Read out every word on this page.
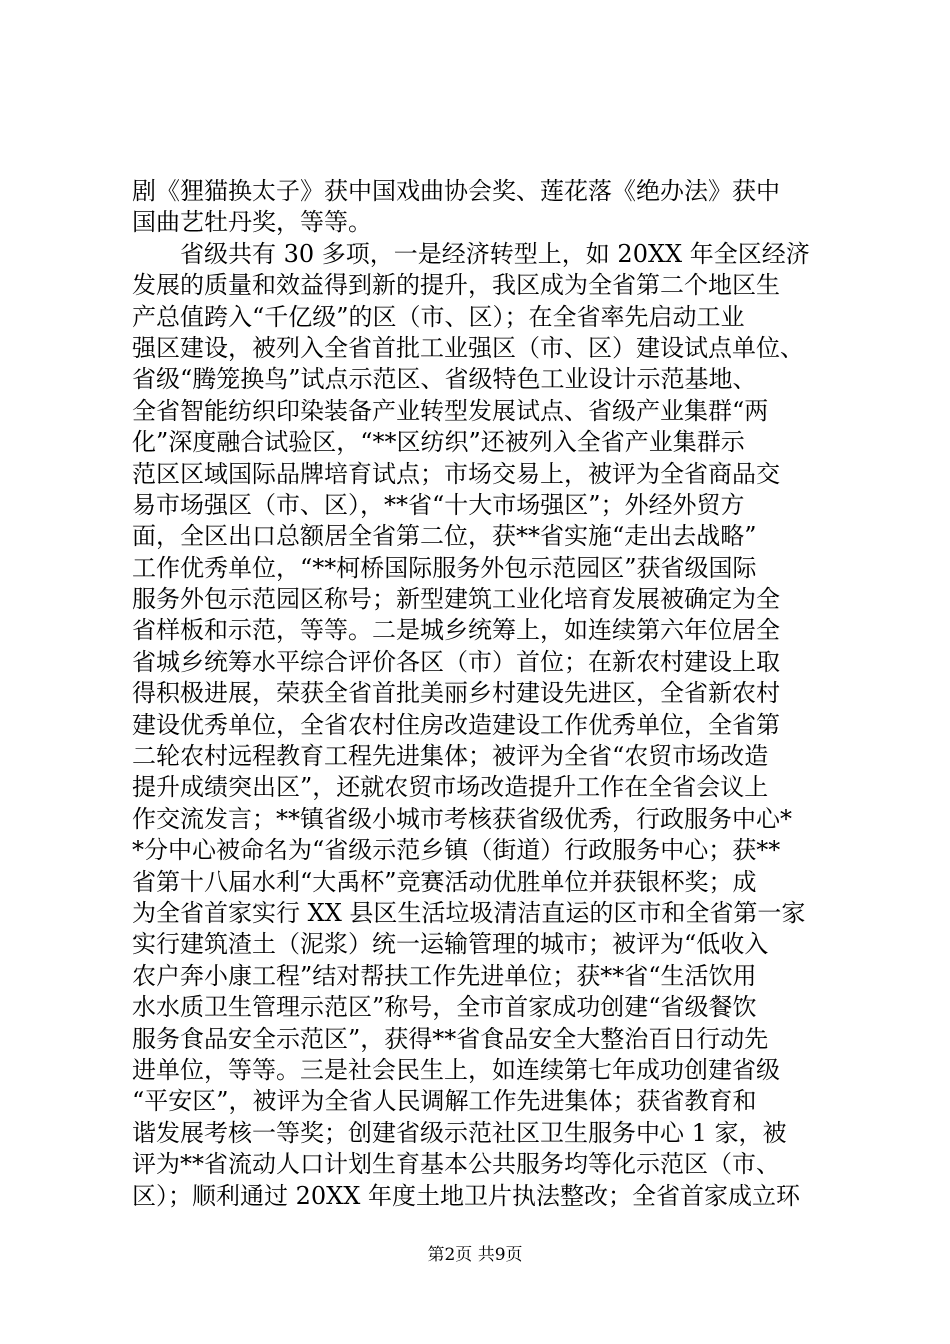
剧《狸猫换太子》获中国戏曲协会奖、莲花落《绝办法》获中
国曲艺牡丹奖，等等。
省级共有 30 多项，一是经济转型上，如 20XX 年全区经济
发展的质量和效益得到新的提升，我区成为全省第二个地区生
产总值跨入“千亿级”的区（市、区）；在全省率先启动工业
强区建设，被列入全省首批工业强区（市、区）建设试点单位、
省级“腾笼换鸟”试点示范区、省级特色工业设计示范基地、
全省智能纺织印染装备产业转型发展试点、省级产业集群“两
化”深度融合试验区，“**区纺织”还被列入全省产业集群示
范区区域国际品牌培育试点；市场交易上，被评为全省商品交
易市场强区（市、区），**省“十大市场强区”；外经外贸方
面，全区出口总额居全省第二位，获**省实施“走出去战略”
工作优秀单位，“**柯桥国际服务外包示范园区”获省级国际
服务外包示范园区称号；新型建筑工业化培育发展被确定为全
省样板和示范，等等。二是城乡统筹上，如连续第六年位居全
省城乡统筹水平综合评价各区（市）首位；在新农村建设上取
得积极进展，荣获全省首批美丽乡村建设先进区，全省新农村
建设优秀单位，全省农村住房改造建设工作优秀单位，全省第
二轮农村远程教育工程先进集体；被评为全省“农贸市场改造
提升成绩突出区”，还就农贸市场改造提升工作在全省会议上
作交流发言；**镇省级小城市考核获省级优秀，行政服务中心*
*分中心被命名为“省级示范乡镇（街道）行政服务中心；获**
省第十八届水利“大禹杯”竞赛活动优胜单位并获银杯奖；成
为全省首家实行 XX 县区生活垃圾清洁直运的区市和全省第一家
实行建筑渣土（泥浆）统一运输管理的城市；被评为“低收入
农户奔小康工程”结对帮扶工作先进单位；获**省“生活饮用
水水质卫生管理示范区”称号，全市首家成功创建“省级餐饮
服务食品安全示范区”，获得**省食品安全大整治百日行动先
进单位，等等。三是社会民生上，如连续第七年成功创建省级
“平安区”，被评为全省人民调解工作先进集体；获省教育和
谐发展考核一等奖；创建省级示范社区卫生服务中心 1 家，被
评为**省流动人口计划生育基本公共服务均等化示范区（市、
区）；顺利通过 20XX 年度土地卫片执法整改；全省首家成立环
第2页 共9页
